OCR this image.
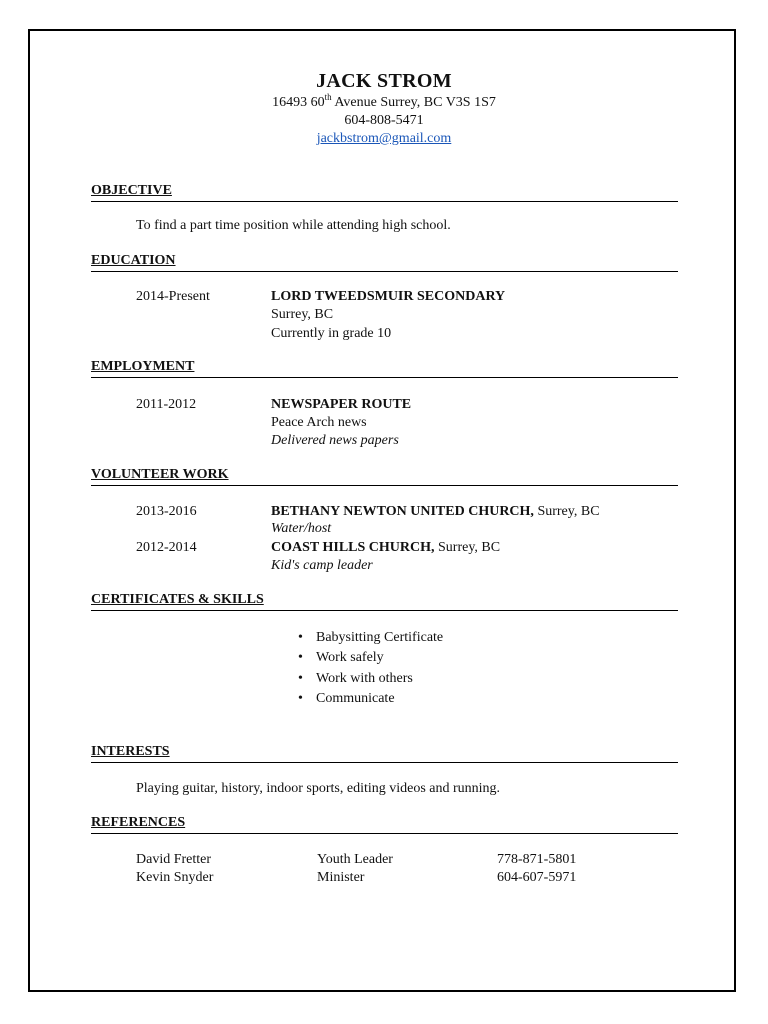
JACK STROM
16493 60th Avenue Surrey, BC V3S 1S7
604-808-5471
jackbstrom@gmail.com
OBJECTIVE
To find a part time position while attending high school.
EDUCATION
2014-Present	LORD TWEEDSMUIR SECONDARY
Surrey, BC
Currently in grade 10
EMPLOYMENT
2011-2012	NEWSPAPER ROUTE
Peace Arch news
Delivered news papers
VOLUNTEER WORK
2013-2016	BETHANY NEWTON UNITED CHURCH, Surrey, BC
Water/host
2012-2014	COAST HILLS CHURCH, Surrey, BC
Kid's camp leader
CERTIFICATES & SKILLS
• Babysitting Certificate
• Work safely
• Work with others
• Communicate
INTERESTS
Playing guitar, history, indoor sports, editing videos and running.
REFERENCES
David Fretter	Youth Leader	778-871-5801
Kevin Snyder	Minister	604-607-5971
